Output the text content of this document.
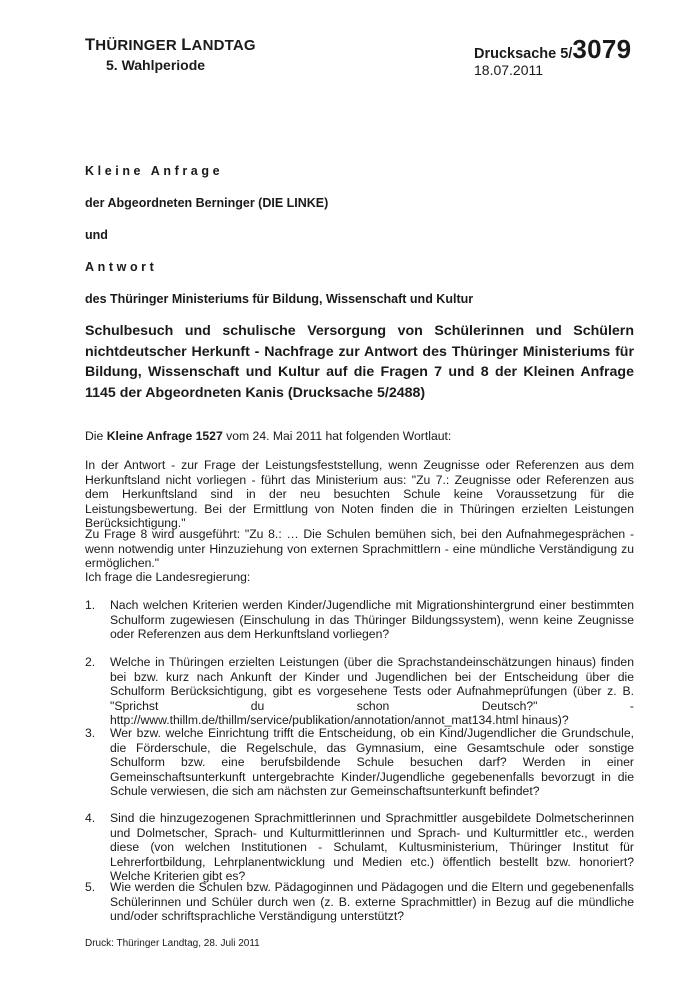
THÜRINGER LANDTAG
5. Wahlperiode
Drucksache 5/3079
18.07.2011
Kleine Anfrage
der Abgeordneten Berninger (DIE LINKE)
und
Antwort
des Thüringer Ministeriums für Bildung, Wissenschaft und Kultur
Schulbesuch und schulische Versorgung von Schülerinnen und Schülern nichtdeutscher Herkunft - Nachfrage zur Antwort des Thüringer Ministeriums für Bildung, Wissenschaft und Kultur auf die Fragen 7 und 8 der Kleinen Anfrage 1145 der Abgeordneten Kanis (Drucksache 5/2488)
Die Kleine Anfrage 1527 vom 24. Mai 2011 hat folgenden Wortlaut:
In der Antwort - zur Frage der Leistungsfeststellung, wenn Zeugnisse oder Referenzen aus dem Herkunftsland nicht vorliegen - führt das Ministerium aus: "Zu 7.: Zeugnisse oder Referenzen aus dem Herkunftsland sind in der neu besuchten Schule keine Voraussetzung für die Leistungsbewertung. Bei der Ermittlung von Noten finden die in Thüringen erzielten Leistungen Berücksichtigung."
Zu Frage 8 wird ausgeführt: "Zu 8.: … Die Schulen bemühen sich, bei den Aufnahmegesprächen - wenn notwendig unter Hinzuziehung von externen Sprachmittlern - eine mündliche Verständigung zu ermöglichen."
Ich frage die Landesregierung:
1.	Nach welchen Kriterien werden Kinder/Jugendliche mit Migrationshintergrund einer bestimmten Schulform zugewiesen (Einschulung in das Thüringer Bildungssystem), wenn keine Zeugnisse oder Referenzen aus dem Herkunftsland vorliegen?
2.	Welche in Thüringen erzielten Leistungen (über die Sprachstandeinschätzungen hinaus) finden bei bzw. kurz nach Ankunft der Kinder und Jugendlichen bei der Entscheidung über die Schulform Berücksichtigung, gibt es vorgesehene Tests oder Aufnahmeprüfungen (über z. B. "Sprichst du schon Deutsch?" - http://www.thillm.de/thillm/service/publikation/annotation/annot_mat134.html hinaus)?
3.	Wer bzw. welche Einrichtung trifft die Entscheidung, ob ein Kind/Jugendlicher die Grundschule, die Förderschule, die Regelschule, das Gymnasium, eine Gesamtschule oder sonstige Schulform bzw. eine berufsbildende Schule besuchen darf? Werden in einer Gemeinschaftsunterkunft untergebrachte Kinder/Jugendliche gegebenenfalls bevorzugt in die Schule verwiesen, die sich am nächsten zur Gemeinschaftsunterkunft befindet?
4.	Sind die hinzugezogenen Sprachmittlerinnen und Sprachmittler ausgebildete Dolmetscherinnen und Dolmetscher, Sprach- und Kulturmittlerinnen und Sprach- und Kulturmittler etc., werden diese (von welchen Institutionen - Schulamt, Kultusministerium, Thüringer Institut für Lehrerfortbildung, Lehrplanentwicklung und Medien etc.) öffentlich bestellt bzw. honoriert? Welche Kriterien gibt es?
5.	Wie werden die Schulen bzw. Pädagoginnen und Pädagogen und die Eltern und gegebenenfalls Schülerinnen und Schüler durch wen (z. B. externe Sprachmittler) in Bezug auf die mündliche und/oder schriftsprachliche Verständigung unterstützt?
Druck: Thüringer Landtag, 28. Juli 2011
